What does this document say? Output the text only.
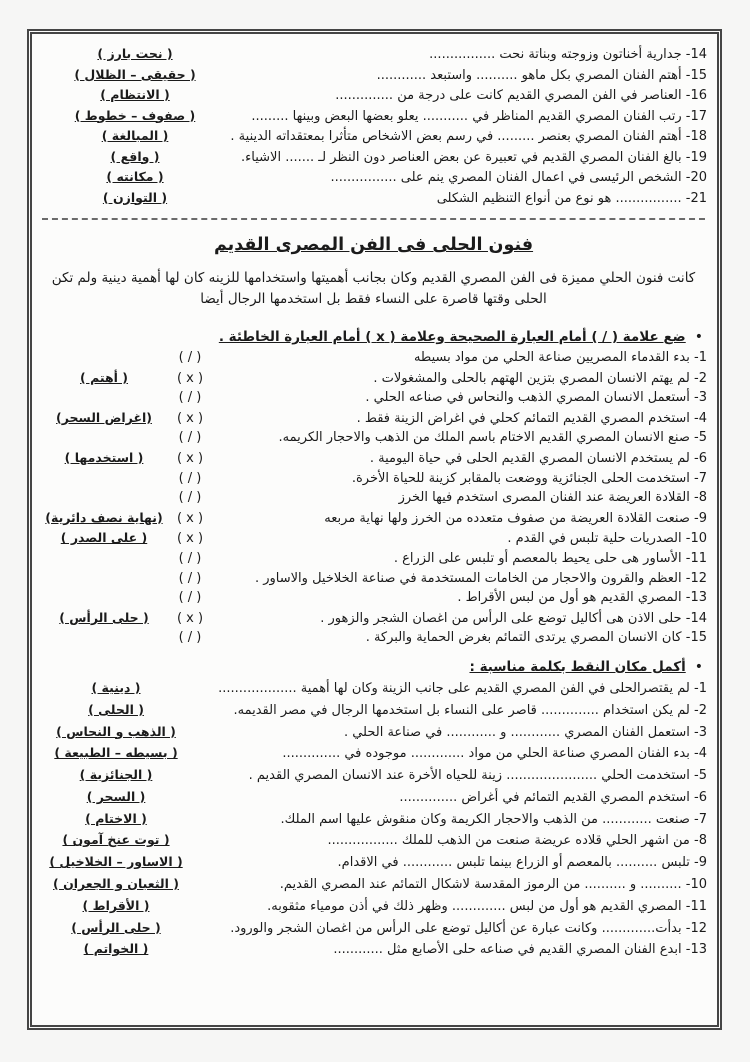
14- جدارية أخناتون وزوجته وبناتة نحت ................
( نحت بارز )
15- أهتم الفنان المصري بكل ماهو .......... واستبعد ............
( حقيقى – الظلال )
16- العناصر في الفن المصري القديم كانت على درجة من ..............
( الانتظام )
17- رتب الفنان المصري القديم المناظر في ........... يعلو بعضها البعض وبينها .........
( صفوف – خطوط )
18- أهتم الفنان المصري بعنصر ......... في رسم بعض الاشخاص متأثرا بمعتقداته الدينية .
( المبالغة )
19- بالغ الفنان المصري القديم في تعبيرة عن بعض العناصر دون النظر لـ ....... الاشياء.
( واقع )
20- الشخص الرئيسى في اعمال الفنان المصري ينم على ................
( مكانته )
21- ................ هو نوع من أنواع التنظيم الشكلى
( التوازن )
فنون الحلى فى الفن المصرى القديم

كانت فنون الحلي مميزة فى الفن المصري القديم وكان بجانب أهميتها واستخدامها للزينه كان لها أهمية دينية ولم تكن الحلى وقتها قاصرة على النساء فقط بل استخدمها الرجال أيضا

•
ضع علامة ( / ) أمام العبارة الصحيحة وعلامة ( x ) أمام العبارة الخاطئة .
1- بدء القدماء المصريين صناعة الحلي من مواد بسيطه
( / )
2- لم يهتم الانسان المصري بتزين الهتهم بالحلى والمشغولات .
( x )
( أهتم )
3- أستعمل الانسان المصري الذهب والنحاس في صناعه الحلي .
( / )
4- استخدم المصري القديم التمائم كحلي في اغراض الزينة فقط .
( x )
(اغراض السحر)
5- صنع الانسان المصري القديم الاختام باسم الملك من الذهب والاحجار الكريمه.
( / )
6- لم يستخدم الانسان المصري القديم الحلى في حياة اليومية .
( x )
( استخدمها )
7- استخدمت الحلى الجنائزية ووضعت بالمقابر كزينة للحياة الأخرة.
( / )
8- القلادة العريضة عند الفنان المصرى استخدم فيها الخرز
( / )
9- صنعت القلادة العريضة من صفوف متعدده من الخرز ولها نهاية مربعه
( x )
(نهاية نصف دائرية)
10- الصدريات حلية تلبس في القدم .
( x )
( على الصدر )
11- الأساور هى حلى يحيط بالمعصم أو تلبس على الزراع .
( / )
12- العظم والقرون والاحجار من الخامات المستخدمة في صناعة الخلاخيل والاساور .
( / )
13- المصري القديم هو أول من لبس الأقراط .
( / )
14- حلى الاذن هى أكاليل توضع على الرأس من اغصان الشجر والزهور .
( x )
( حلى الرأس )
15- كان الانسان المصري يرتدى التمائم بغرض الحماية والبركة .
( / )
•
أكمل مكان النقط بكلمة مناسبة :
1- لم يقتصرالحلى في الفن المصري القديم على جانب الزينة وكان لها أهمية ...................
( دينية )
2- لم يكن استخدام .............. قاصر على النساء بل استخدمها الرجال في مصر القديمه.
( الحلى )
3- استعمل الفنان المصري ............ و ............ في صناعة الحلي .
( الذهب و النحاس )
4- بدء الفنان المصري صناعة الحلي من مواد ............. موجوده في ..............
( بسيطه – الطبيعة )
5- استخدمت الحلي ...................... زينة للحياه الأخرة عند الانسان المصري القديم .
( الجنائزية )
6- استخدم المصري القديم التمائم في أغراض ..............
( السحر )
7- صنعت ............ من الذهب والاحجار الكريمة وكان منقوش عليها اسم الملك.
( الاختام )
8- من اشهر الحلي قلاده عريضة صنعت من الذهب للملك .................
( توت عنخ آمون )
9- تلبس .......... بالمعصم أو الزراع بينما تلبس ............ في الاقدام.
( الاساور – الخلاخيل )
10- .......... و .......... من الرموز المقدسة لاشكال التمائم عند المصري القديم.
( الثعبان و الجعران )
11- المصري القديم هو أول من لبس ............. وظهر ذلك في أذن مومياء مثقوبه.
( الأقراط )
12- بدأت............. وكانت عبارة عن أكاليل توضع على الرأس من اغصان الشجر والورود.
( حلى الرأس )
13- ابدع الفنان المصري القديم في صناعه حلى الأصابع مثل ............
( الخواتم )
